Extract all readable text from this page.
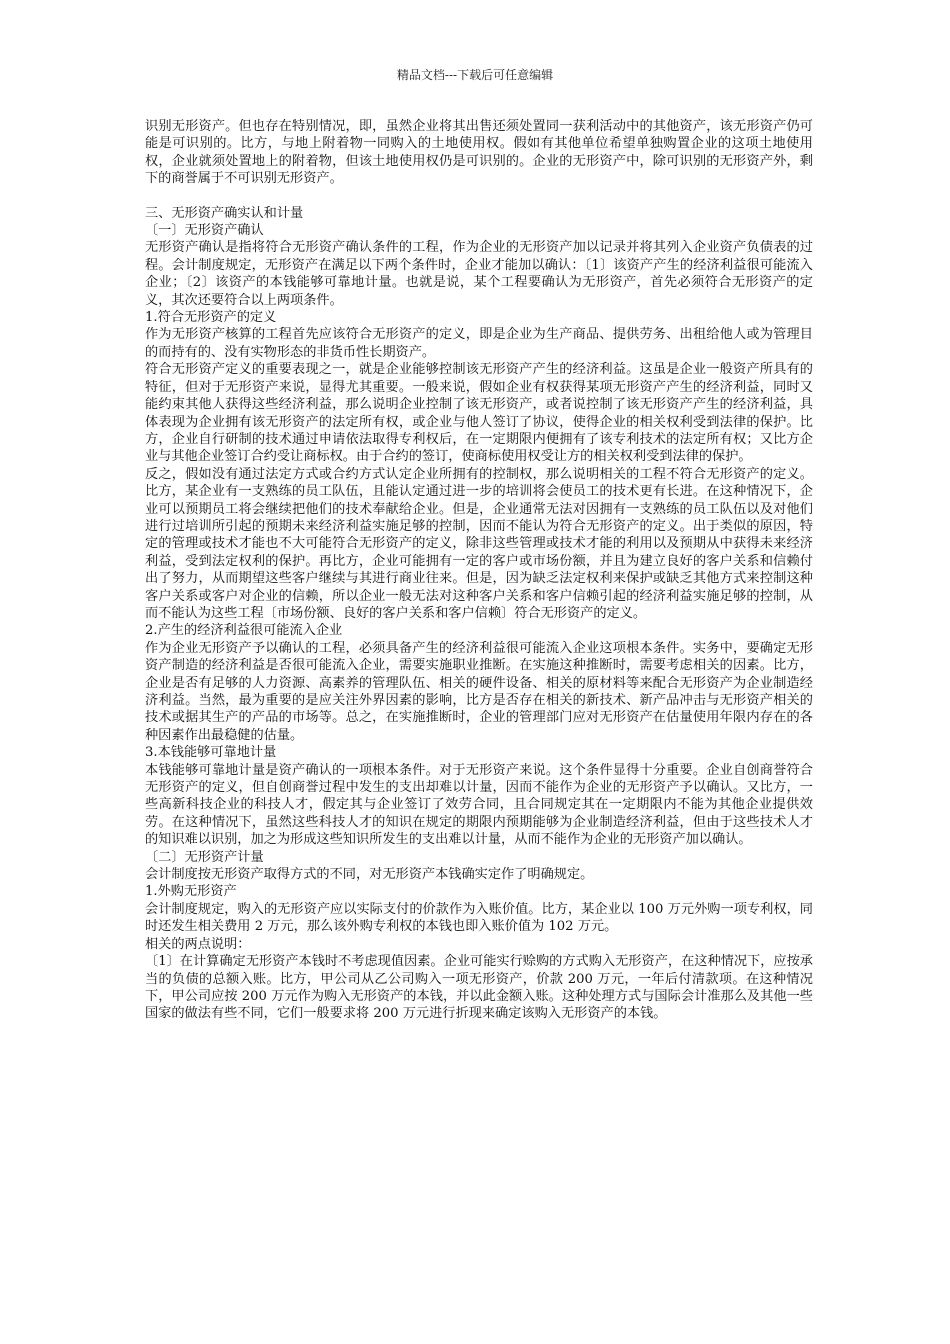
精品文档---下载后可任意编辑

识别无形资产。但也存在特别情况，即，虽然企业将其出售还须处置同一获利活动中的其他资产，该无形资产仍可能是可识别的。比方，与地上附着物一同购入的土地使用权。假如有其他单位希望单独购置企业的这项土地使用权，企业就须处置地上的附着物，但该土地使用权仍是可识别的。企业的无形资产中，除可识别的无形资产外，剩下的商誉属于不可识别无形资产。

三、无形资产确实认和计量

〔一〕无形资产确认

无形资产确认是指将符合无形资产确认条件的工程，作为企业的无形资产加以记录并将其列入企业资产负债表的过程。会计制度规定，无形资产在满足以下两个条件时，企业才能加以确认：〔1〕该资产产生的经济利益很可能流入企业；〔2〕该资产的本钱能够可靠地计量。也就是说，某个工程要确认为无形资产，首先必须符合无形资产的定义，其次还要符合以上两项条件。

1.符合无形资产的定义

作为无形资产核算的工程首先应该符合无形资产的定义，即是企业为生产商品、提供劳务、出租给他人或为管理目的而持有的、没有实物形态的非货币性长期资产。

符合无形资产定义的重要表现之一，就是企业能够控制该无形资产产生的经济利益。这虽是企业一般资产所具有的特征，但对于无形资产来说，显得尤其重要。一般来说，假如企业有权获得某项无形资产产生的经济利益，同时又能约束其他人获得这些经济利益，那么说明企业控制了该无形资产，或者说控制了该无形资产产生的经济利益，具体表现为企业拥有该无形资产的法定所有权，或企业与他人签订了协议，使得企业的相关权利受到法律的保护。比方，企业自行研制的技术通过申请依法取得专利权后，在一定期限内便拥有了该专利技术的法定所有权；又比方企业与其他企业签订合约受让商标权。由于合约的签订，使商标使用权受让方的相关权利受到法律的保护。

反之，假如没有通过法定方式或合约方式认定企业所拥有的控制权，那么说明相关的工程不符合无形资产的定义。比方，某企业有一支熟练的员工队伍，且能认定通过进一步的培训将会使员工的技术更有长进。在这种情况下，企业可以预期员工将会继续把他们的技术奉献给企业。但是，企业通常无法对因拥有一支熟练的员工队伍以及对他们进行过培训所引起的预期未来经济利益实施足够的控制，因而不能认为符合无形资产的定义。出于类似的原因，特定的管理或技术才能也不大可能符合无形资产的定义，除非这些管理或技术才能的利用以及预期从中获得未来经济利益，受到法定权利的保护。再比方，企业可能拥有一定的客户或市场份额，并且为建立良好的客户关系和信赖付出了努力，从而期望这些客户继续与其进行商业往来。但是，因为缺乏法定权利来保护或缺乏其他方式来控制这种客户关系或客户对企业的信赖，所以企业一般无法对这种客户关系和客户信赖引起的经济利益实施足够的控制，从而不能认为这些工程〔市场份额、良好的客户关系和客户信赖〕符合无形资产的定义。

2.产生的经济利益很可能流入企业

作为企业无形资产予以确认的工程，必须具备产生的经济利益很可能流入企业这项根本条件。实务中，要确定无形资产制造的经济利益是否很可能流入企业，需要实施职业推断。在实施这种推断时，需要考虑相关的因素。比方，企业是否有足够的人力资源、高素养的管理队伍、相关的硬件设备、相关的原材料等来配合无形资产为企业制造经济利益。当然，最为重要的是应关注外界因素的影响，比方是否存在相关的新技术、新产品冲击与无形资产相关的技术或据其生产的产品的市场等。总之，在实施推断时，企业的管理部门应对无形资产在估量使用年限内存在的各种因素作出最稳健的估量。

3.本钱能够可靠地计量

本钱能够可靠地计量是资产确认的一项根本条件。对于无形资产来说。这个条件显得十分重要。企业自创商誉符合无形资产的定义，但自创商誉过程中发生的支出却难以计量，因而不能作为企业的无形资产予以确认。又比方，一些高新科技企业的科技人才，假定其与企业签订了效劳合同，且合同规定其在一定期限内不能为其他企业提供效劳。在这种情况下，虽然这些科技人才的知识在规定的期限内预期能够为企业制造经济利益，但由于这些技术人才的知识难以识别，加之为形成这些知识所发生的支出难以计量，从而不能作为企业的无形资产加以确认。

〔二〕无形资产计量

会计制度按无形资产取得方式的不同，对无形资产本钱确实定作了明确规定。

1.外购无形资产

会计制度规定，购入的无形资产应以实际支付的价款作为入账价值。比方，某企业以 100 万元外购一项专利权，同时还发生相关费用 2 万元，那么该外购专利权的本钱也即入账价值为 102 万元。

相关的两点说明：

〔1〕在计算确定无形资产本钱时不考虑现值因素。企业可能实行赊购的方式购入无形资产，在这种情况下，应按承当的负债的总额入账。比方，甲公司从乙公司购入一项无形资产，价款 200 万元，一年后付清款项。在这种情况下，甲公司应按 200 万元作为购入无形资产的本钱，并以此金额入账。这种处理方式与国际会计准那么及其他一些国家的做法有些不同，它们一般要求将 200 万元进行折现来确定该购入无形资产的本钱。
